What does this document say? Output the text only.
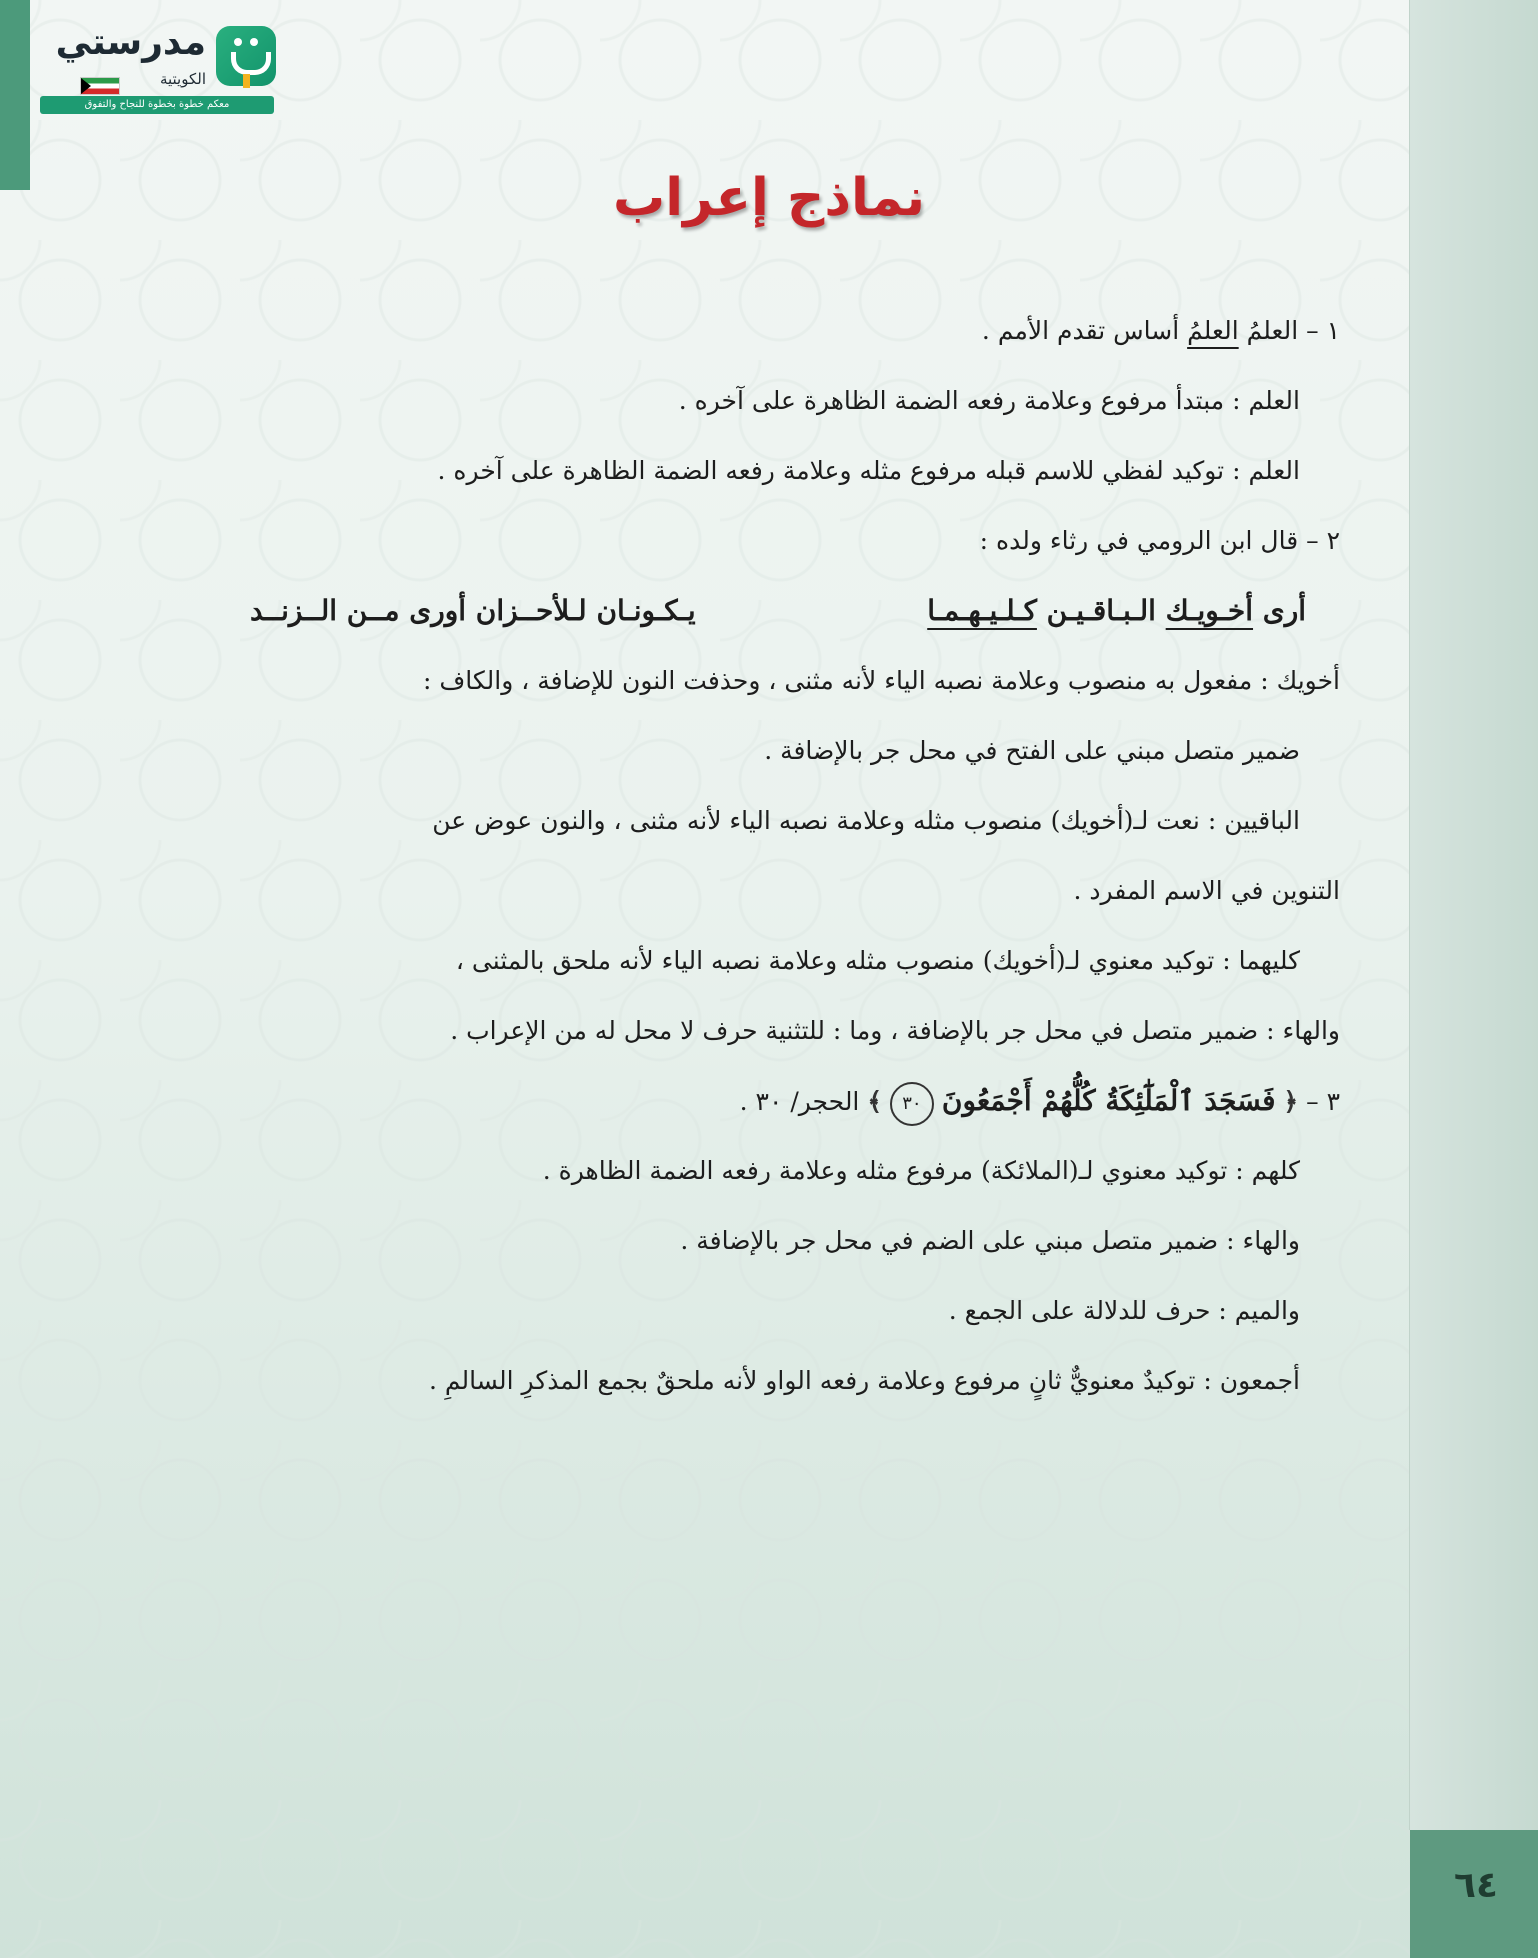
مدرستي
الكويتية
معكم خطوة بخطوة للنجاح والتفوق
نماذج إعراب
١ – العلمُ العلمُ أساس تقدم الأمم .
العلم : مبتدأ مرفوع وعلامة رفعه الضمة الظاهرة على آخره .
العلم : توكيد لفظي للاسم قبله مرفوع مثله وعلامة رفعه الضمة الظاهرة على آخره .
٢ – قال ابن الرومي في رثاء ولده :
أرى أخـويـك الـبـاقـيـن كـلـيـهـمـا
يـكـونـان لـلأحــزان أورى مــن الــزنــد
أخويك : مفعول به منصوب وعلامة نصبه الياء لأنه مثنى ، وحذفت النون للإضافة ، والكاف :
ضمير متصل مبني على الفتح في محل جر بالإضافة .
الباقيين : نعت لـ(أخويك) منصوب مثله وعلامة نصبه الياء لأنه مثنى ، والنون عوض عن
التنوين في الاسم المفرد .
كليهما : توكيد معنوي لـ(أخويك) منصوب مثله وعلامة نصبه الياء لأنه ملحق بالمثنى ،
والهاء : ضمير متصل في محل جر بالإضافة ، وما : للتثنية حرف لا محل له من الإعراب .
٣ – ﴿ فَسَجَدَ ٱلْمَلَٰٓئِكَةُ كُلُّهُمْ أَجْمَعُونَ ٣٠ ﴾ الحجر/ ٣٠ .
كلهم : توكيد معنوي لـ(الملائكة) مرفوع مثله وعلامة رفعه الضمة الظاهرة .
والهاء : ضمير متصل مبني على الضم في محل جر بالإضافة .
والميم : حرف للدلالة على الجمع .
أجمعون : توكيدٌ معنويٌّ ثانٍ مرفوع وعلامة رفعه الواو لأنه ملحقٌ بجمع المذكرِ السالمِ .
٦٤
